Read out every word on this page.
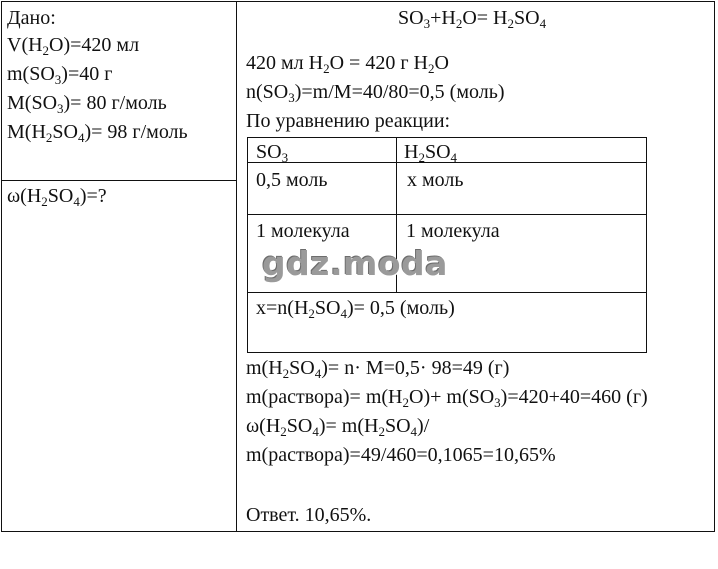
Дано:
$V(H_2O)=420$ мл
$m(SO_3)=40$ г
$M(SO_3)= 80$ г/моль
$M(H_2SO_4)= 98$ г/моль
$\omega(H_2SO_4)=$?
$SO_3+H_2O= H_2SO_4$
420 мл $H_2O = 420$ г $H_2O$
$n(SO_3)=m/M=40/80=0,5$ (моль)
По уравнению реакции:
$SO_3$	$H_2SO_4$
0,5 моль	x моль
1 молекула	1 молекула
$x=n(H_2SO_4)= 0,5$ (моль)
$m(H_2SO_4)= n\cdot M=0,5\cdot 98=49$ (г)
m(раствора)= $m(H_2O)+ m(SO_3)=420+40=460$ (г)
$\omega(H_2SO_4)= m(H_2SO_4)/$
m(раствора)=49/460=0,1065=10,65%
Ответ. 10,65%.
gdz.moda
